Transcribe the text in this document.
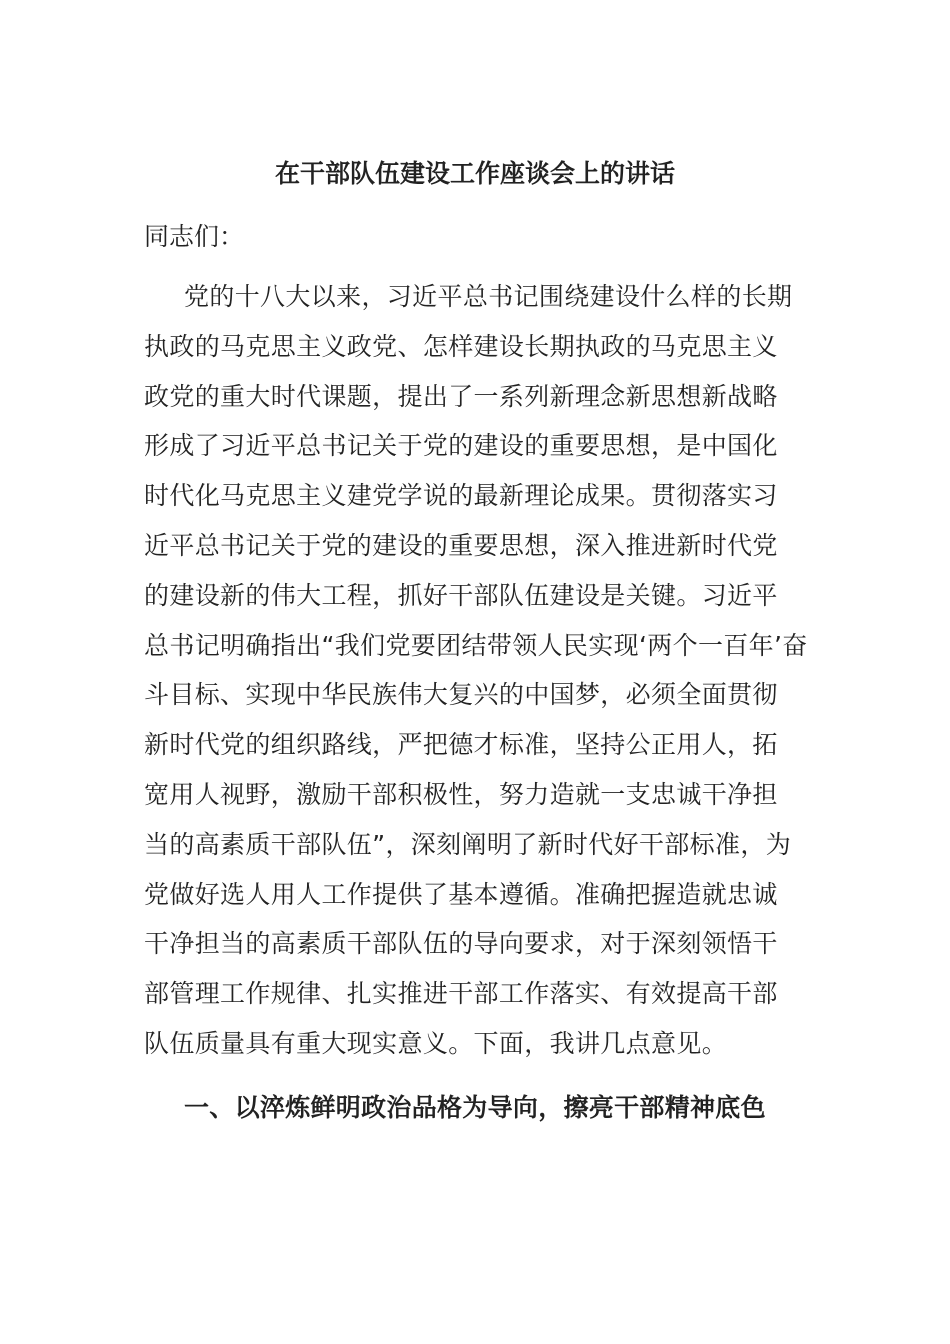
在干部队伍建设工作座谈会上的讲话
同志们：
党的十八大以来，习近平总书记围绕建设什么样的长期
执政的马克思主义政党、怎样建设长期执政的马克思主义
政党的重大时代课题，提出了一系列新理念新思想新战略
形成了习近平总书记关于党的建设的重要思想，是中国化
时代化马克思主义建党学说的最新理论成果。贯彻落实习
近平总书记关于党的建设的重要思想，深入推进新时代党
的建设新的伟大工程，抓好干部队伍建设是关键。习近平
总书记明确指出“我们党要团结带领人民实现‘两个一百年’奋
斗目标、实现中华民族伟大复兴的中国梦，必须全面贯彻
新时代党的组织路线，严把德才标准，坚持公正用人，拓
宽用人视野，激励干部积极性，努力造就一支忠诚干净担
当的高素质干部队伍”，深刻阐明了新时代好干部标准，为
党做好选人用人工作提供了基本遵循。准确把握造就忠诚
干净担当的高素质干部队伍的导向要求，对于深刻领悟干
部管理工作规律、扎实推进干部工作落实、有效提高干部
队伍质量具有重大现实意义。下面，我讲几点意见。
一、以淬炼鲜明政治品格为导向，擦亮干部精神底色
